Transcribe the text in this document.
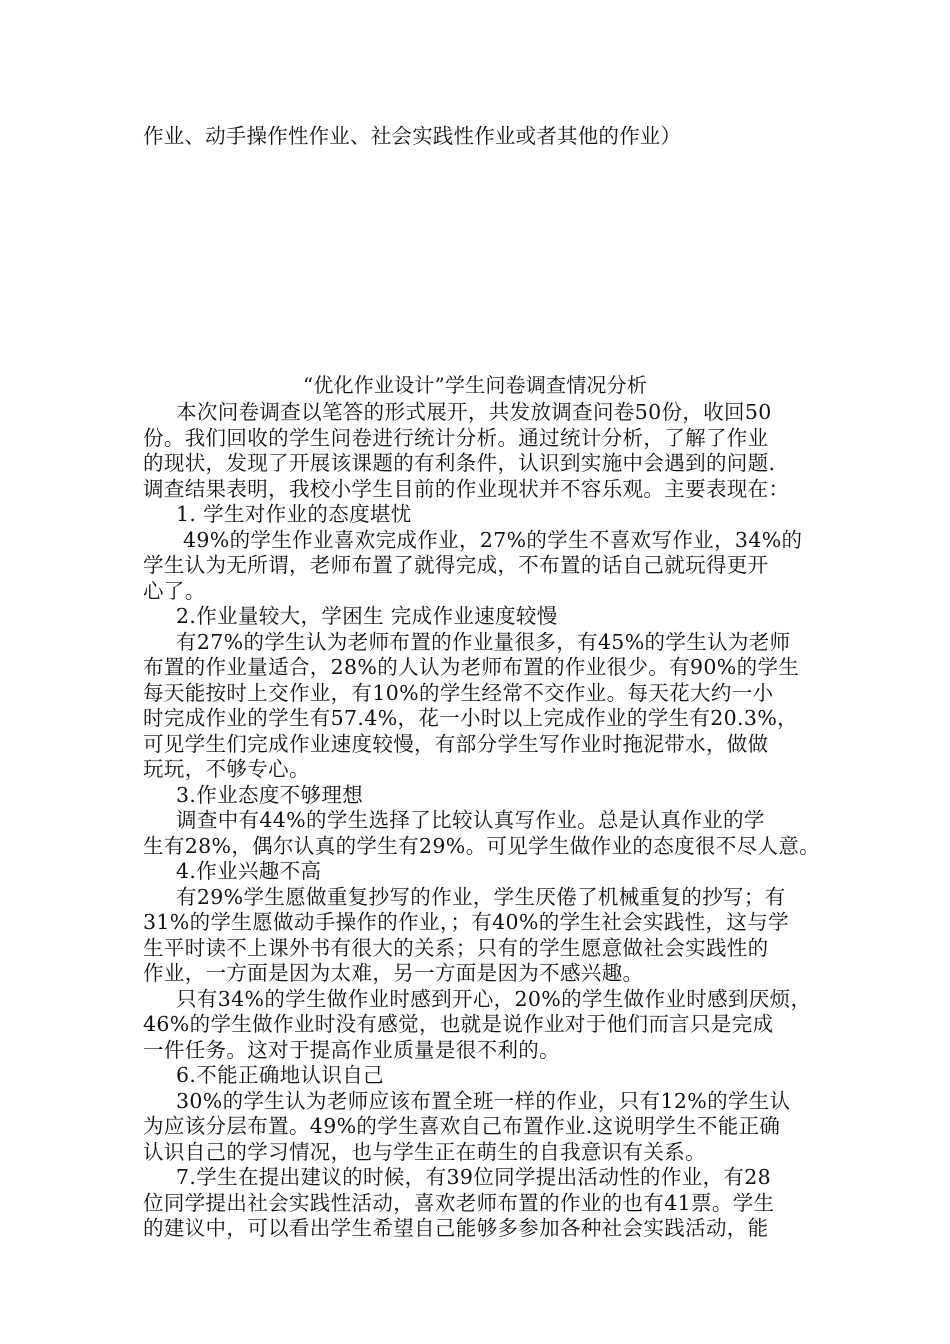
作业、动手操作性作业、社会实践性作业或者其他的作业）
“优化作业设计”学生问卷调查情况分析
本次问卷调查以笔答的形式展开，共发放调查问卷50份，收回50
份。我们回收的学生问卷进行统计分析。通过统计分析，了解了作业
的现状，发现了开展该课题的有利条件，认识到实施中会遇到的问题.
调查结果表明，我校小学生目前的作业现状并不容乐观。主要表现在：
1. 学生对作业的态度堪忧
49%的学生作业喜欢完成作业，27%的学生不喜欢写作业，34%的
学生认为无所谓，老师布置了就得完成，不布置的话自己就玩得更开
心了。
2.作业量较大，学困生 完成作业速度较慢
有27%的学生认为老师布置的作业量很多，有45%的学生认为老师
布置的作业量适合，28%的人认为老师布置的作业很少。有90%的学生
每天能按时上交作业，有10%的学生经常不交作业。每天花大约一小
时完成作业的学生有57.4%，花一小时以上完成作业的学生有20.3%，
可见学生们完成作业速度较慢，有部分学生写作业时拖泥带水，做做
玩玩，不够专心。
3.作业态度不够理想
调查中有44%的学生选择了比较认真写作业。总是认真作业的学
生有28%，偶尔认真的学生有29%。可见学生做作业的态度很不尽人意。
4.作业兴趣不高
有29%学生愿做重复抄写的作业，学生厌倦了机械重复的抄写；有
31%的学生愿做动手操作的作业，；有40%的学生社会实践性，这与学
生平时读不上课外书有很大的关系；只有的学生愿意做社会实践性的
作业，一方面是因为太难，另一方面是因为不感兴趣。
只有34%的学生做作业时感到开心，20%的学生做作业时感到厌烦，
46%的学生做作业时没有感觉，也就是说作业对于他们而言只是完成
一件任务。这对于提高作业质量是很不利的。
6.不能正确地认识自己
30%的学生认为老师应该布置全班一样的作业，只有12%的学生认
为应该分层布置。49%的学生喜欢自己布置作业.这说明学生不能正确
认识自己的学习情况，也与学生正在萌生的自我意识有关系。
7.学生在提出建议的时候，有39位同学提出活动性的作业，有28
位同学提出社会实践性活动，喜欢老师布置的作业的也有41票。学生
的建议中，可以看出学生希望自己能够多参加各种社会实践活动，能
